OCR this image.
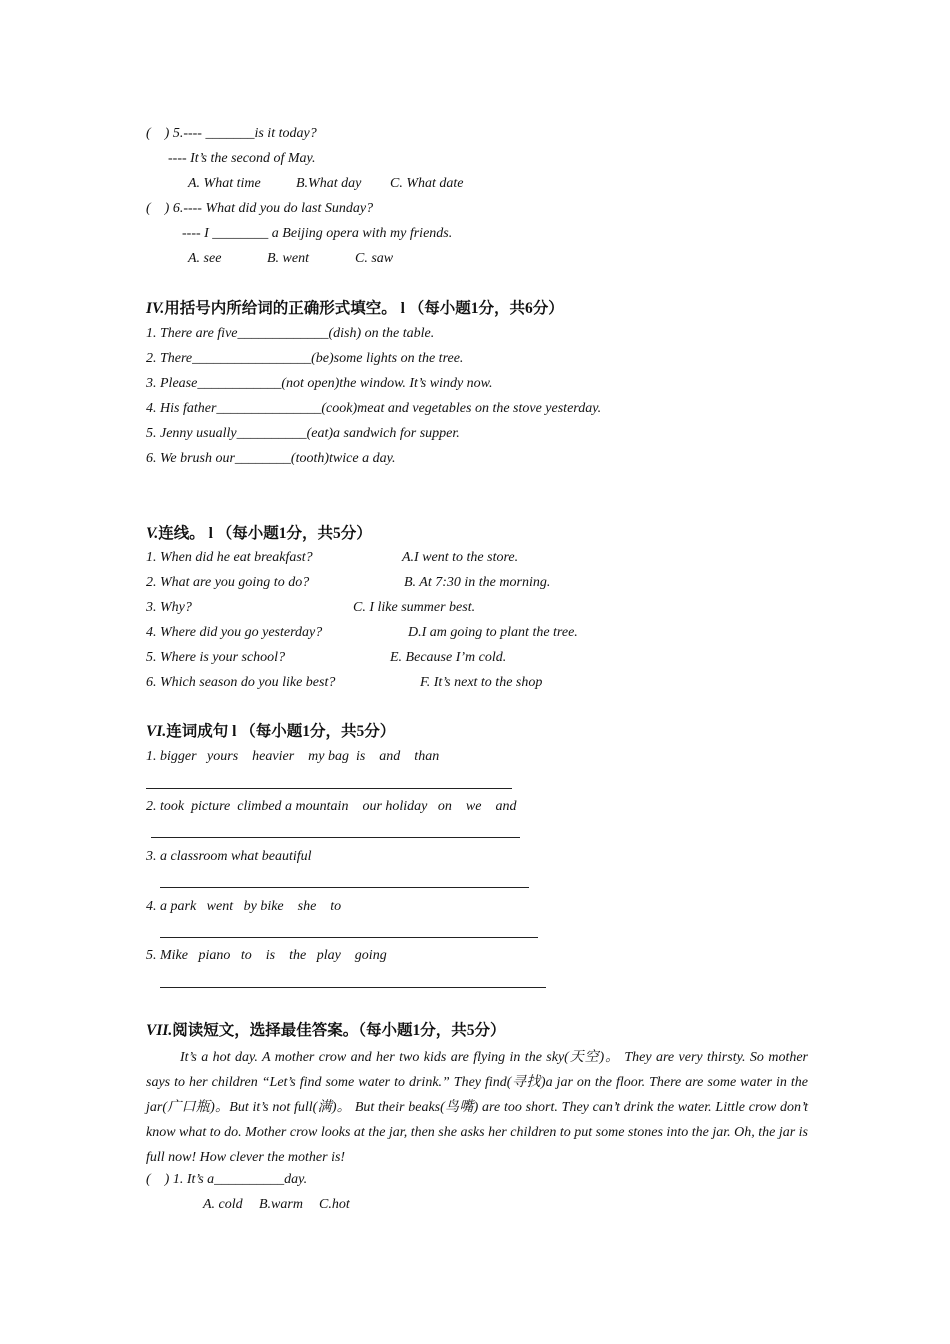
(    ) 5.---- _______is it today?
---- It’s the second of May.
A. What time	B.What day C. What date
(    ) 6.---- What did you do last Sunday?
---- I ________ a Beijing opera with my friends.
A. see	B. went	C. saw
IV.用括号内所给词的正确形式填空。 l （每小题1分，共6分）
1. There are five_____________(dish) on the table.
2. There_________________(be)some lights on the tree.
3. Please____________(not open)the window. It’s windy now.
4. His father_______________(cook)meat and vegetables on the stove yesterday.
5. Jenny usually__________(eat)a sandwich for supper.
6. We brush our________(tooth)twice a day.
V.连线。 l （每小题1分，共5分）
1. When did he eat breakfast?	A.I went to the store.
2. What are you going to do?	B. At 7:30 in the morning.
3. Why?	C. I like summer best.
4. Where did you go yesterday?	D.I am going to plant the tree.
5. Where is your school?	E. Because I’m cold.
6. Which season do you like best?	F. It’s next to the shop
VI.连词成句 l （每小题1分，共5分）
1. bigger   yours    heavier    my bag  is    and    than
2. took  picture  climbed a mountain    our holiday   on    we    and
3. a classroom what beautiful
4. a park   went   by bike    she    to
5. Mike   piano   to    is    the   play    going
VII.阅读短文，选择最佳答案。（每小题1分，共5分）
It’s a hot day. A mother crow and her two kids are flying in the sky(天空)。 They are very thirsty. So mother says to her children “Let’s find some water to drink.” They find(寻找)a jar on the floor. There are some water in the jar(广口瓶)。But it’s not full(满)。 But their beaks(鸟嘴) are too short. They can’t drink the water. Little crow don’t know what to do. Mother crow looks at the jar, then she asks her children to put some stones into the jar. Oh, the jar is full now! How clever the mother is!
(    ) 1. It’s a__________day.
A. cold B.warm C.hot
